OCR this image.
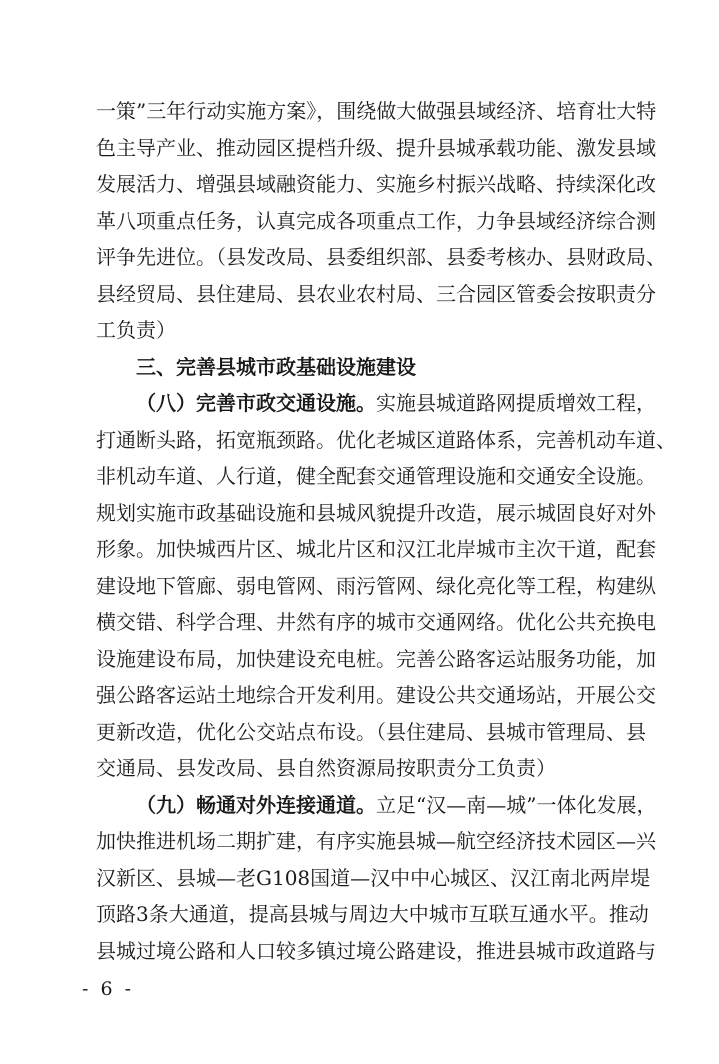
一策”三年行动实施方案》，围绕做大做强县域经济、培育壮大特
色主导产业、推动园区提档升级、提升县城承载功能、激发县域
发展活力、增强县域融资能力、实施乡村振兴战略、持续深化改
革八项重点任务，认真完成各项重点工作，力争县域经济综合测
评争先进位。（县发改局、县委组织部、县委考核办、县财政局、
县经贸局、县住建局、县农业农村局、三合园区管委会按职责分
工负责）
三、完善县城市政基础设施建设
（八）完善市政交通设施。实施县城道路网提质增效工程，
打通断头路，拓宽瓶颈路。优化老城区道路体系，完善机动车道、
非机动车道、人行道，健全配套交通管理设施和交通安全设施。
规划实施市政基础设施和县城风貌提升改造，展示城固良好对外
形象。加快城西片区、城北片区和汉江北岸城市主次干道，配套
建设地下管廊、弱电管网、雨污管网、绿化亮化等工程，构建纵
横交错、科学合理、井然有序的城市交通网络。优化公共充换电
设施建设布局，加快建设充电桩。完善公路客运站服务功能，加
强公路客运站土地综合开发利用。建设公共交通场站，开展公交
更新改造，优化公交站点布设。（县住建局、县城市管理局、县
交通局、县发改局、县自然资源局按职责分工负责）
（九）畅通对外连接通道。立足“汉—南—城”一体化发展，
加快推进机场二期扩建，有序实施县城—航空经济技术园区—兴
汉新区、县城—老G108国道—汉中中心城区、汉江南北两岸堤
顶路3条大通道，提高县城与周边大中城市互联互通水平。推动
县城过境公路和人口较多镇过境公路建设，推进县城市政道路与
- 6 -
